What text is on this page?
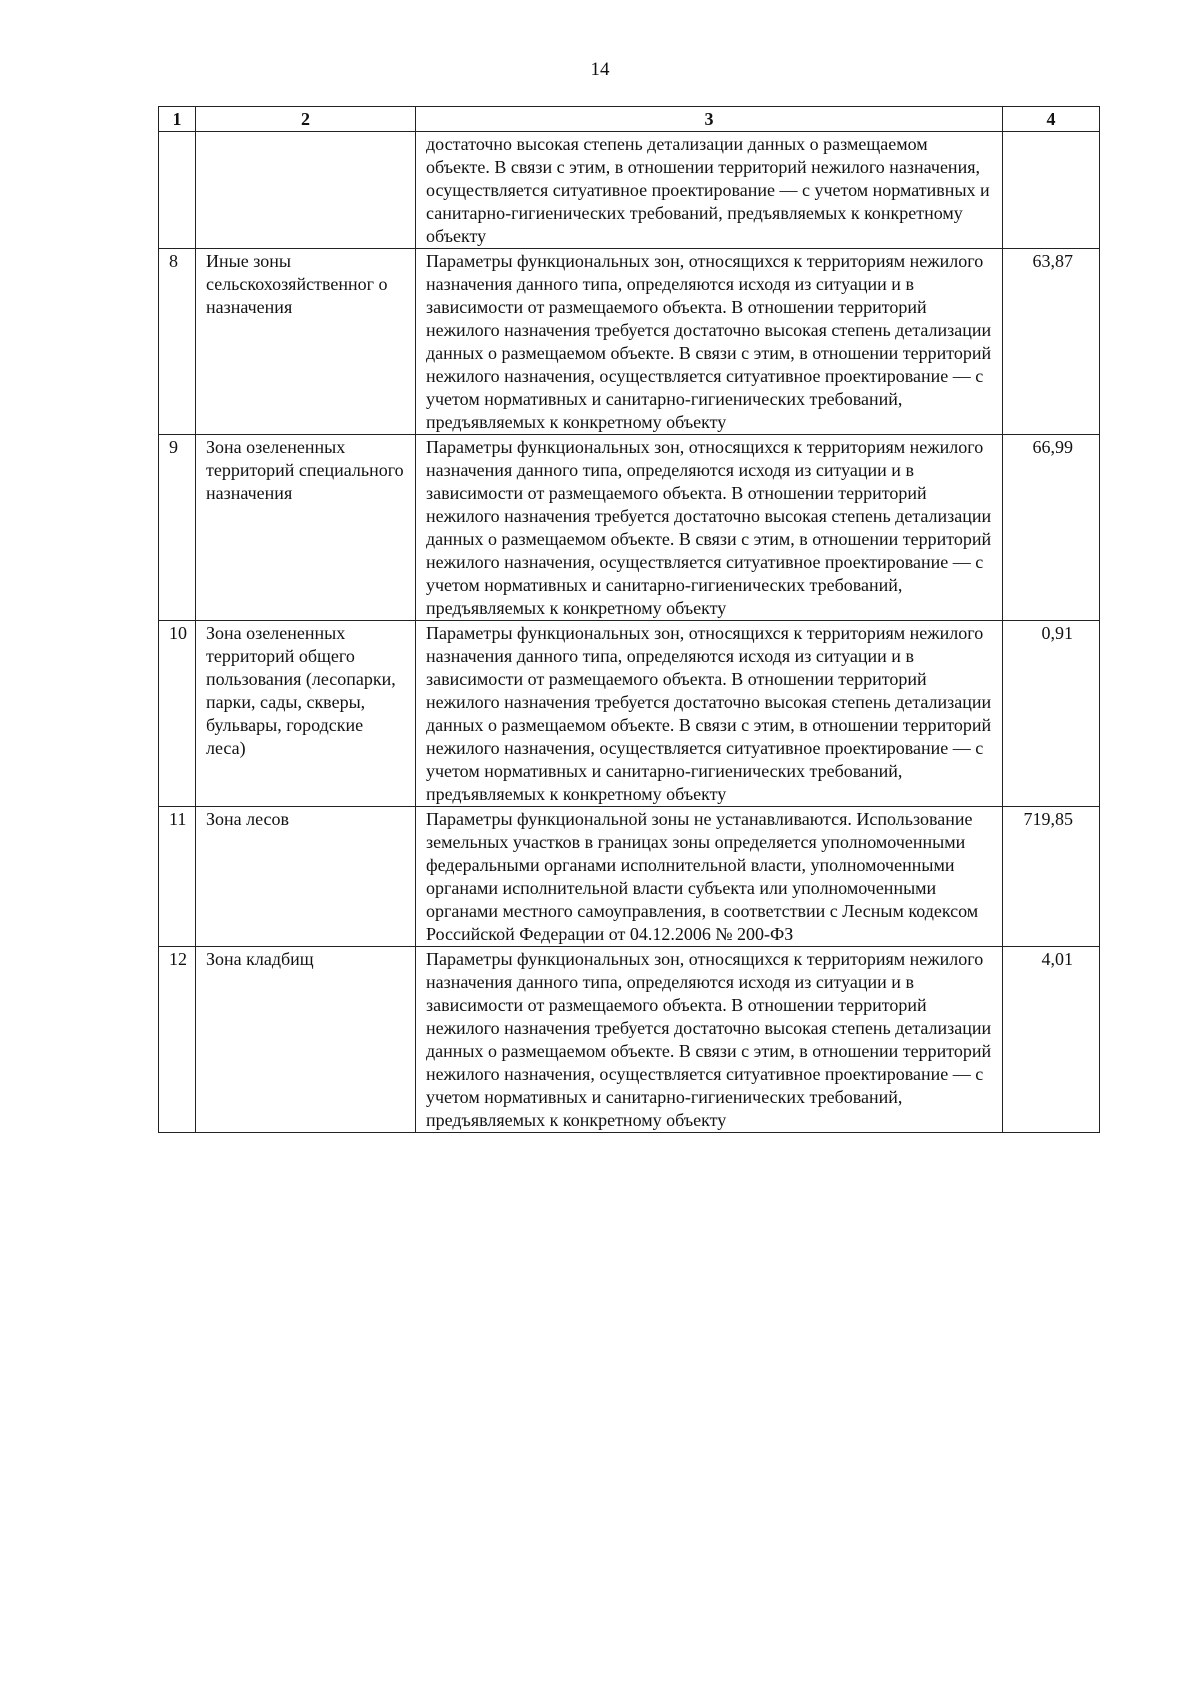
14
1	2	3	4
		достаточно высокая степень детализации данных о размещаемом объекте. В связи с этим, в отношении территорий нежилого назначения, осуществляется ситуативное проектирование — с учетом нормативных и санитарно-гигиенических требований, предъявляемых к конкретному объекту	
8	Иные зоны сельскохозяйственног о назначения	Параметры функциональных зон, относящихся к территориям нежилого назначения данного типа, определяются исходя из ситуации и в зависимости от размещаемого объекта. В отношении территорий нежилого назначения требуется достаточно высокая степень детализации данных о размещаемом объекте. В связи с этим, в отношении территорий нежилого назначения, осуществляется ситуативное проектирование — с учетом нормативных и санитарно-гигиенических требований, предъявляемых к конкретному объекту	63,87
9	Зона озелененных территорий специального назначения	Параметры функциональных зон, относящихся к территориям нежилого назначения данного типа, определяются исходя из ситуации и в зависимости от размещаемого объекта. В отношении территорий нежилого назначения требуется достаточно высокая степень детализации данных о размещаемом объекте. В связи с этим, в отношении территорий нежилого назначения, осуществляется ситуативное проектирование — с учетом нормативных и санитарно-гигиенических требований, предъявляемых к конкретному объекту	66,99
10	Зона озелененных территорий общего пользования (лесопарки, парки, сады, скверы, бульвары, городские леса)	Параметры функциональных зон, относящихся к территориям нежилого назначения данного типа, определяются исходя из ситуации и в зависимости от размещаемого объекта. В отношении территорий нежилого назначения требуется достаточно высокая степень детализации данных о размещаемом объекте. В связи с этим, в отношении территорий нежилого назначения, осуществляется ситуативное проектирование — с учетом нормативных и санитарно-гигиенических требований, предъявляемых к конкретному объекту	0,91
11	Зона лесов	Параметры функциональной зоны не устанавливаются. Использование земельных участков в границах зоны определяется уполномоченными федеральными органами исполнительной власти, уполномоченными органами исполнительной власти субъекта или уполномоченными органами местного самоуправления, в соответствии с Лесным кодексом Российской Федерации от 04.12.2006 № 200-ФЗ	719,85
12	Зона кладбищ	Параметры функциональных зон, относящихся к территориям нежилого назначения данного типа, определяются исходя из ситуации и в зависимости от размещаемого объекта. В отношении территорий нежилого назначения требуется достаточно высокая степень детализации данных о размещаемом объекте. В связи с этим, в отношении территорий нежилого назначения, осуществляется ситуативное проектирование — с учетом нормативных и санитарно-гигиенических требований, предъявляемых к конкретному объекту	4,01
